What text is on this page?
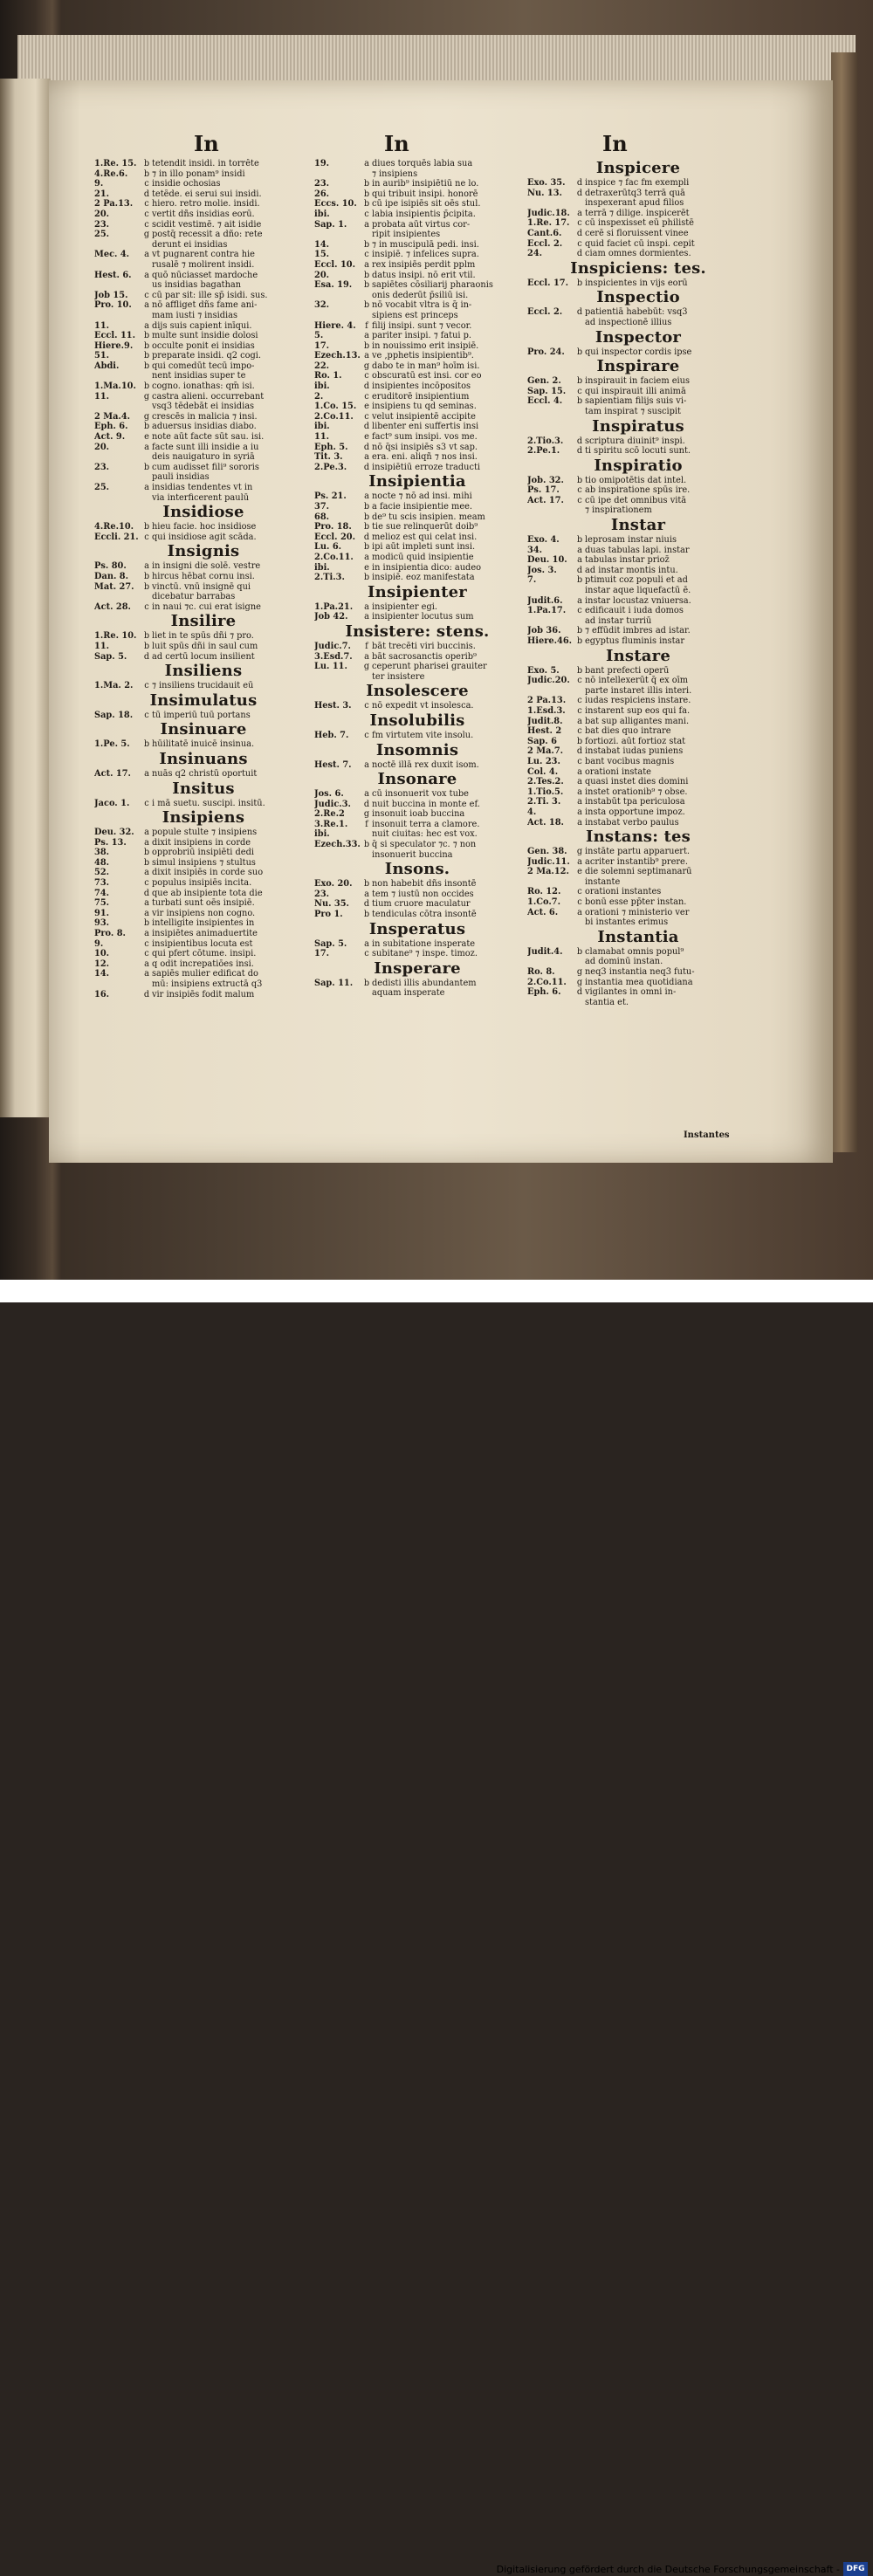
In	In	In
1.Re. 15. b tetendit insidi. in torrête
4.Re.6.	b ⁊ in illo ponam⁹ insidi
9.	c insidie ochosias
21.	d tetêde. ei serui sui insidi.
2 Pa.13.	c hiero. retro molie. insidi.
20.	c vertit dñs insidias eorū.
23.	c scidit vestimē. ⁊ ait isidie
25.	g postq̄ recessit a dño: rete
derunt ei insidias
Mec. 4.	a vt pugnarent contra hie
rusalē ⁊ molirent insidi.
Hest. 6.	a quō nūciasset mardoche
us insidias bagathan
Job 15.	c cū par sit: ille sp̄ isidi. sus.
Pro. 10.	a nō affliget dñs fame ani-
mam iusti ⁊ insidias
11.	a dijs suis capient inīqui.
Eccl. 11.	b multe sunt insidie dolosi
Hiere.9.	b occulte ponit ei insidias
51.	b preparate insidi. q2 cogi.
Abdi.	b qui comedūt tecū impo-
nent insidias super te
1.Ma.10. b cogno. ionathas: qm̄ isi.
11.	g castra alieni. occurrebant
vsq3 tēdebāt ei insidias
2 Ma.4.	g crescēs in malicia ⁊ insi.
Eph. 6.	b aduersus insidias diabo.
Act. 9.	e note aūt facte sūt sau. isi.
20.	a facte sunt illi insidie a iu
deis nauigaturo in syriā
23.	b cum audisset fili⁹ sororis
pauli insidias
25.	a insidias tendentes vt in
via interficerent paulū
Insidiose
4.Re.10.	b hieu facie. hoc insidiose
Eccli. 21. c qui insidiose agit scāda.
Insignis
Ps. 80.	a in insigni die solē. vestre
Dan. 8.	b hircus hēbat cornu insi.
Mat. 27.	b vinctū. vnū insignē qui
dicebatur barrabas
Act. 28.	c in naui ⁊c. cui erat isigne
Insilire
1.Re. 10. b liet in te spūs dñi ⁊ pro.
11.	b luit spūs dñi in saul cum
Sap. 5.	d ad certū locum insilient
Insiliens
1.Ma. 2.	c ⁊ insiliens trucidauit eū
Insimulatus
Sap. 18.	c tū imperiū tuū portans
Insinuare
1.Pe. 5.	b hūilitatē inuicē insinua.
Insinuans
Act. 17.	a nuās q2 christū oportuit
Insitus
Jaco. 1.	c i mā suetu. suscipi. insitū.
Insipiens
Deu. 32.	a popule stulte ⁊ insipiens
Ps. 13.	a dixit insipiens in corde
38.	b opprobriū insipiēti dedi
48.	b simul insipiens ⁊ stultus
52.	a dixit insipiēs in corde suo
73.	c populus insipiēs incita.
74.	d que ab insipiente tota die
75.	a turbati sunt oēs insipiē.
91.	a vir insipiens non cogno.
93.	b intelligite insipientes in
Pro. 8.	a insipiētes animaduertite
9.	c insipientibus locuta est
10.	c qui pfert cōtume. insipi.
12.	a q odit increpatiōes insi.
14.	a sapiēs mulier edificat do
mū: insipiens extructā q3
16.	d vir insipiēs fodit malum
19.	a diues torquēs labia sua
⁊ insipiens
23.	b in aurib⁹ insipiētiū ne lo.
26.	b qui tribuit insipi. honorē
Eccs. 10. b cū ipe isipiēs sit oēs stul.
ibi.	c labia insipientis p̄cipita.
Sap. 1.	a probata aūt virtus cor-
ripit insipientes
14.	b ⁊ in muscipulā pedi. insi.
15.	c insipiē. ⁊ infelices supra.
Eccl. 10.	a rex insipiēs perdit pplm
20.	b datus insipi. nō erit vtil.
Esa. 19.	b sapiētes cōsiliarij pharaonis
onis dederūt p̄siliū isi.
32.	b nō vocabit vltra is q̄ in-
sipiens est princeps
Hiere. 4.	f filij insipi. sunt ⁊ vecor.
5.	a pariter insipi. ⁊ fatui p.
17.	b in nouissimo erit insipiē.
Ezech.13. a ve ,pphetis insipientib⁹.
22.	g dabo te in man⁹ hoīm isi.
Ro. 1.	c obscuratū est insi. cor eo
ibi.	d insipientes incōpositos
2.	c eruditorē insipientium
1.Co. 15. e insipiens tu qd̄ seminas.
2.Co.11.	c velut insipientē accipite
ibi.	d libenter eni suffertis insi
11.	e fact⁹ sum insipi. vos me.
Eph. 5.	d nō q̄si insipiēs s3 vt sap.
Tit. 3.	a era. eni. aliqñ ⁊ nos insi.
2.Pe.3.	d insipiētiū erroze traducti
Insipientia
Ps. 21.	a nocte ⁊ nō ad insi. mihi
37.	b a facie insipientie mee.
68.	b de⁹ tu scis insipien. meam
Pro. 18.	b tie sue relinquerūt doib⁹
Eccl. 20.	d melioz est qui celat insi.
Lu. 6.	b ipi aūt impleti sunt insi.
2.Co.11.	a modicū quid insipientie
ibi.	e in insipientia dico: audeo
2.Ti.3.	b insipiē. eoz manifestata
Insipienter
1.Pa.21.	a insipienter egi.
Job 42.	a insipienter locutus sum
Insistere: stens.
Judic.7.	f bāt trecēti viri buccinis.
3.Esd.7.	a bāt sacrosanctis operib⁹
Lu. 11.	g ceperunt pharisei grauiter
ter insistere
Insolescere
Hest. 3.	c nō expedit vt insolesca.
Insolubilis
Heb. 7.	c fm virtutem vite insolu.
Insomnis
Hest. 7.	a noctē illā rex duxit isom.
Insonare
Jos. 6.	a cū insonuerit vox tube
Judic.3.	d nuit buccina in monte ef.
2.Re.2	g insonuit ioab buccina
3.Re.1.	f insonuit terra a clamore.
ibi.	nuit ciuitas: hec est vox.
Ezech.33. b q̄ si speculator ⁊c. ⁊ non
insonuerit buccina
Insons.
Exo. 20.	b non habebit dñs insontē
23.	a tem ⁊ iustū non occides
Nu. 35.	d tium cruore maculatur
Pro 1.	b tendiculas cōtra insontē
Insperatus
Sap. 5.	a in subitatione insperate
17.	c subitane⁹ ⁊ inspe. timoz.
Insperare
Sap. 11.	b dedisti illis abundantem
aquam insperate
Inspicere
Exo. 35.	d inspice ⁊ fac fm exempli
Nu. 13.	d detraxerūtq3 terrā quā
inspexerant apud filios
Judic.18. a terrā ⁊ dilige. inspicerēt
1.Re. 17. c cū inspexisset eū philistē
Cant.6.	d cerē si floruissent vinee
Eccl. 2.	c quid faciet cū inspi. cepit
24.	d ciam omnes dormientes.
Inspiciens: tes.
Eccl. 17.	b inspicientes in vijs eorū
Inspectio
Eccl. 2.	d patientiā habebūt: vsq3
ad inspectionē illius
Inspector
Pro. 24.	b qui inspector cordis ipse
Inspirare
Gen. 2.	b inspirauit in faciem eius
Sap. 15.	c qui inspirauit illi animā
Eccl. 4.	b sapientiam filijs suis vi-
tam inspirat ⁊ suscipit
Inspiratus
2.Tio.3.	d scriptura diuinit⁹ inspi.
2.Pe.1.	d ti spiritu scō locuti sunt.
Inspiratio
Job. 32.	b tio omipotētis dat intel.
Ps. 17.	c ab inspiratione spūs ire.
Act. 17.	c cū ipe det omnibus vitā
⁊ inspirationem
Instar
Exo. 4.	b leprosam instar niuis
34.	a duas tabulas lapi. instar
Deu. 10.	a tabulas instar prioz̄
Jos. 3.	d ad instar montis intu.
7.	b ptimuit coz populi et ad
instar aque liquefactū ē.
Judit.6.	a instar locustaz vniuersa.
1.Pa.17.	c edificauit i iuda domos
ad instar turriū
Job 36.	b ⁊ effūdit imbres ad istar.
Hiere.46. b egyptus fluminis instar
Instare
Exo. 5.	b bant prefecti operū
Judic.20. c nō intellexerūt q̄ ex oīm
parte instaret illis interi.
2 Pa.13.	c iudas respiciens instare.
1.Esd.3.	c instarent sup eos qui fa.
Judit.8.	a bat sup alligantes mani.
Hest. 2	c bat dies quo intrare
Sap. 6	b fortiozi. aūt fortioz stat
2 Ma.7.	d instabat iudas puniens
Lu. 23.	c bant vocibus magnis
Col. 4.	a orationi instate
2.Tes.2.	a quasi instet dies domini
1.Tio.5.	a instet orationib⁹ ⁊ obse.
2.Ti. 3.	a instabūt tpa periculosa
4.	a insta opportune impoz.
Act. 18.	a instabat verbo paulus
Instans: tes
Gen. 38.	g instāte partu apparuert.
Judic.11. a acriter instantib⁹ prere.
2 Ma.12. e die solemni septimanarū
instante
Ro. 12.	c orationi instantes
1.Co.7.	c bonū esse pp̄ter instan.
Act. 6.	a orationi ⁊ ministerio ver
bi instantes erimus
Instantia
Judit.4.	b clamabat omnis popul⁹
ad dominū instan.
Ro. 8.	g neq3 instantia neq3 futu-
2.Co.11.	g instantia mea quotidiana
Eph. 6.	d vigilantes in omni in-
stantia et.
Instantes
Digitalisierung gefördert durch die Deutsche Forschungsgemeinschaft - DFG
